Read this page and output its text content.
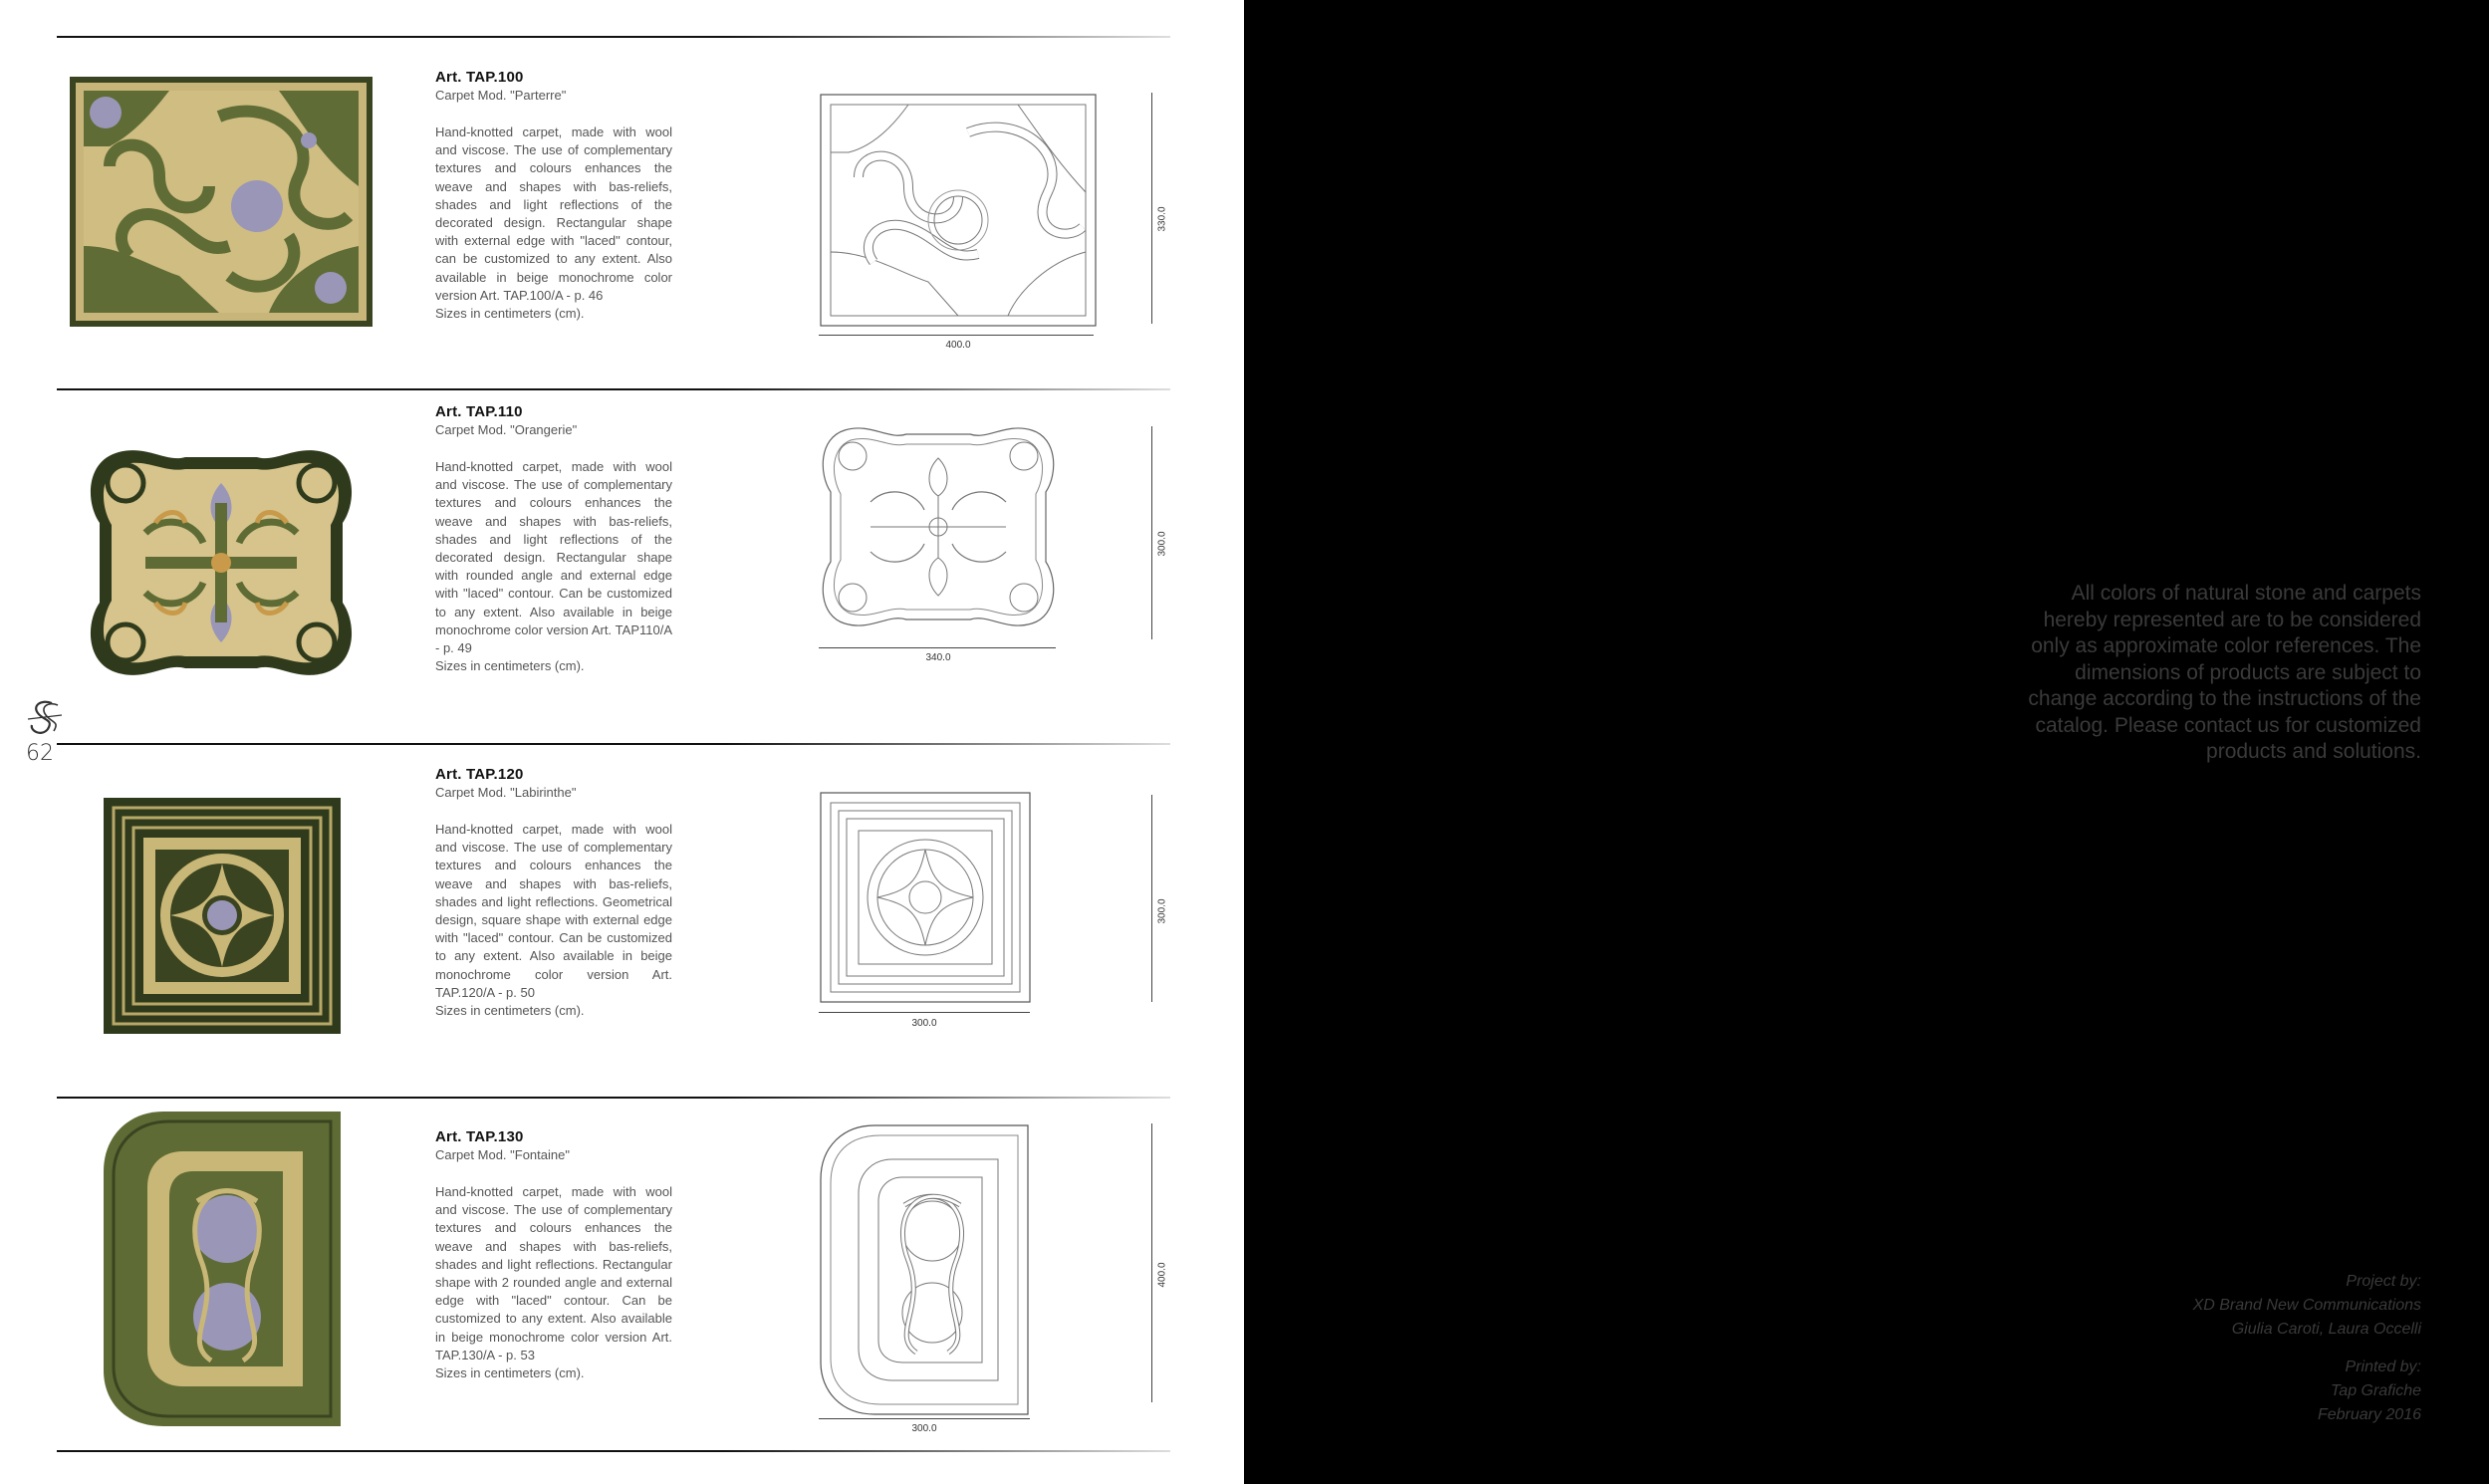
62
Art. TAP.100
Carpet Mod. "Parterre"
Hand-knotted carpet, made with wool and viscose. The use of complementary textures and colours enhances the weave and shapes with bas-reliefs, shades and light reflections of the decorated design. Rectangular shape with external edge with "laced" contour, can be customized to any extent. Also available in beige monochrome color version Art. TAP.100/A - p. 46
Sizes in centimeters (cm).
400.0
330.0
Art. TAP.110
Carpet Mod. "Orangerie"
Hand-knotted carpet, made with wool and viscose. The use of complementary textures and colours enhances the weave and shapes with bas-reliefs, shades and light reflections of the decorated design. Rectangular shape with rounded angle and external edge with "laced" contour. Can be customized to any extent. Also available in beige monochrome color version Art. TAP110/A - p. 49
Sizes in centimeters (cm).
340.0
300.0
Art. TAP.120
Carpet Mod. "Labirinthe"
Hand-knotted carpet, made with wool and viscose. The use of complementary textures and colours enhances the weave and shapes with bas-reliefs, shades and light reflections. Geometrical design, square shape with external edge with "laced" contour. Can be customized to any extent. Also available in beige monochrome color version Art. TAP.120/A - p. 50
Sizes in centimeters (cm).
300.0
300.0
Art. TAP.130
Carpet Mod. "Fontaine"
Hand-knotted carpet, made with wool and viscose. The use of complementary textures and colours enhances the weave and shapes with bas-reliefs, shades and light reflections. Rectangular shape with 2 rounded angle and external edge with "laced" contour. Can be customized to any extent. Also available in beige monochrome color version Art. TAP.130/A - p. 53
Sizes in centimeters (cm).
300.0
400.0
All colors of natural stone and carpets hereby represented are to be considered only as approximate color references. The dimensions of products are subject to change according to the instructions of the catalog. Please contact us for customized products and solutions.
Project by:
XD Brand New Communications
Giulia Caroti, Laura Occelli
Printed by:
Tap Grafiche
February 2016
